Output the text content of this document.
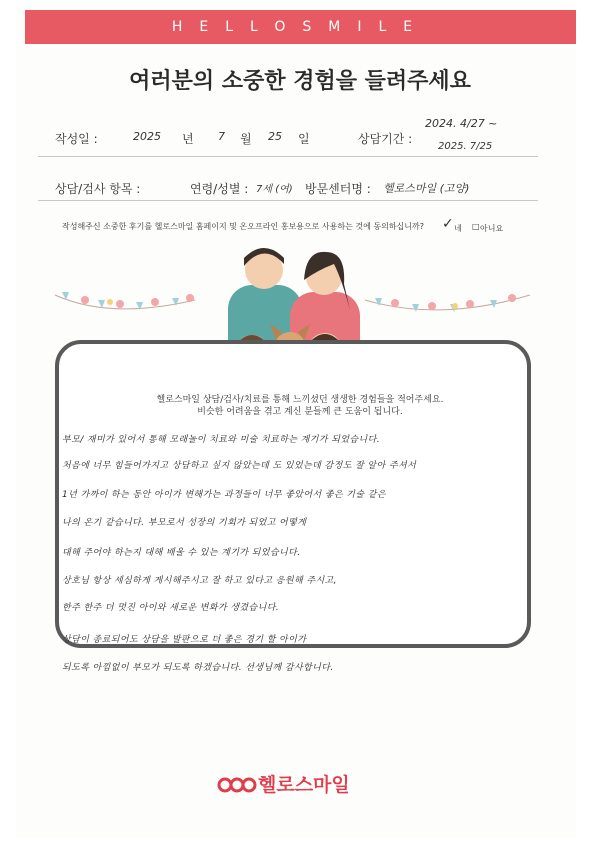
HELLOSMILE
여러분의 소중한 경험을 들려주세요
작성일 :	2025 년 7 월 25 일	상담기간 :
2024. 4/27 ~
2025. 7/25
상담/검사 항목 :	연령/성별 : 7세 (여) 방문센터명 : 헬로스마일 (고양)
작성해주신 소중한 후기를 헬로스마일 홈페이지 및 온오프라인 홍보용으로 사용하는 것에 동의하십니까? ✓ 네 □ 아니요
헬로스마일 상담/검사/치료를 통해 느끼셨던 생생한 경험들을 적어주세요.
비슷한 어려움을 겪고 계신 분들께 큰 도움이 됩니다.
부모/ 재미가 있어서 통해 모래놀이 치료와 미술 치료하는 계기가 되었습니다.
처음에 너무 힘들어가지고 상담하고 싶지 않았는데 도 있었는데 감정도 잘 알아 주셔서
1년 가까이 하는 동안 아이가 변해가는 과정들이 너무 좋았어서 좋은 기술 같은
나의 온기 같습니다. 부모로서 성장의 기회가 되었고 어떻게
대해 주어야 하는지 대해 배울 수 있는 계기가 되었습니다.
상호님 항상 세심하게 게시해주시고 잘 하고 있다고 응원해 주시고,
한주 한주 더 멋진 아이와 새로운 변화가 생겼습니다.
상담이 종료되어도 상담을 발판으로 더 좋은 경기 할 아이가
되도록 아낌없이 부모가 되도록 하겠습니다. 선생님께 감사합니다.
헬로스마일
